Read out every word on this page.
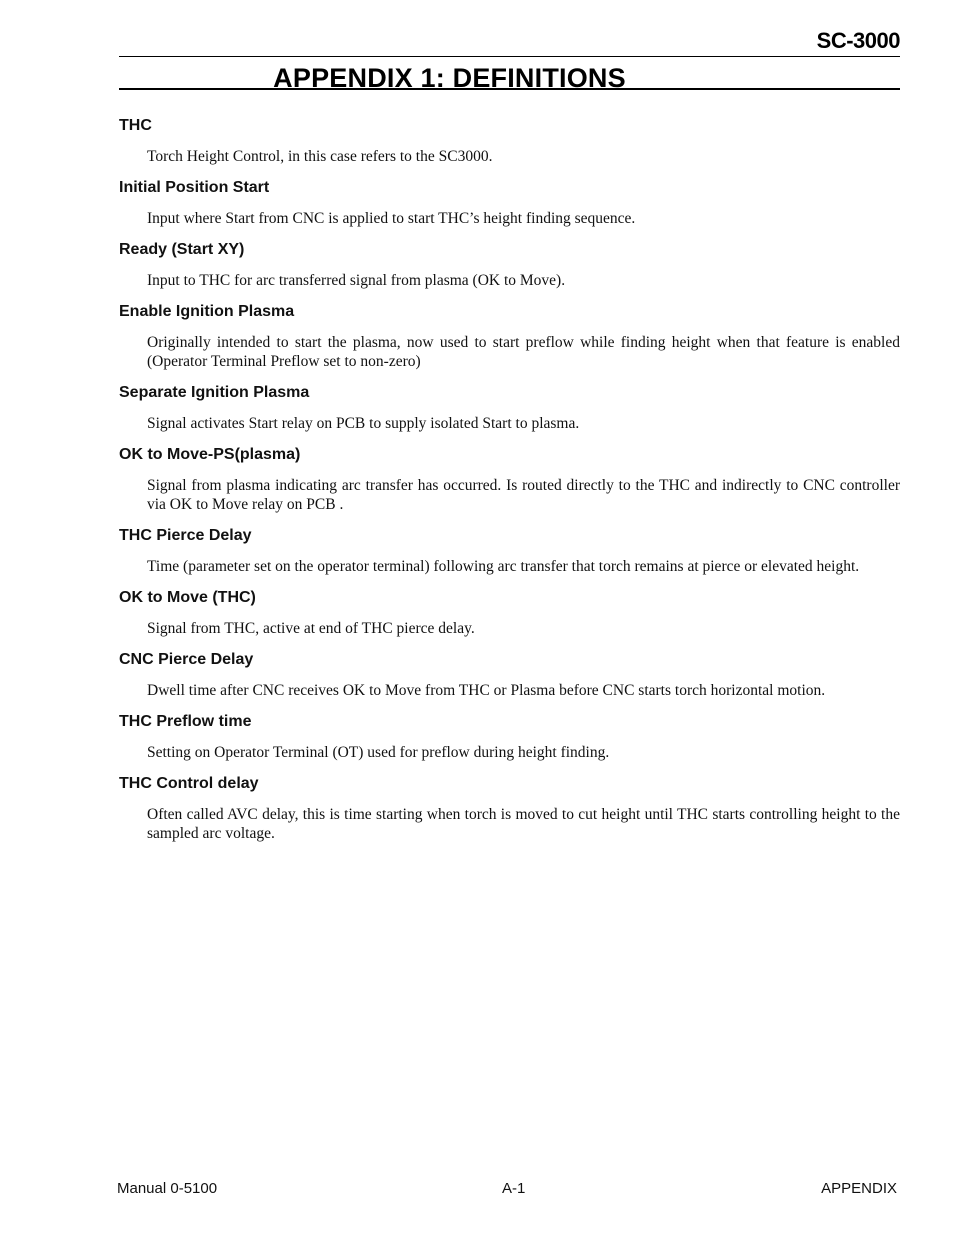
SC-3000
APPENDIX 1: DEFINITIONS

THC

Torch Height Control, in this case refers to the SC3000.

Initial Position Start

Input where Start from CNC is applied to start THC’s height finding sequence.

Ready (Start XY)

Input to THC for arc transferred signal from plasma (OK to Move).

Enable Ignition Plasma

Originally intended to start the plasma, now used to start preflow while finding height when that feature is enabled (Operator Terminal Preflow set to non-zero)

Separate Ignition Plasma

Signal activates Start relay on PCB to supply isolated Start to plasma.

OK to Move-PS(plasma)

Signal from plasma indicating arc transfer has occurred. Is routed directly to the THC and indirectly to CNC controller via OK to Move relay on PCB .

THC Pierce Delay

Time (parameter set on the operator terminal) following arc transfer that torch remains at pierce or elevated height.

OK to Move (THC)

Signal from THC, active at end of THC pierce delay.

CNC Pierce Delay

Dwell time after CNC receives OK to Move from THC or Plasma before CNC starts torch horizontal motion.

THC Preflow time

Setting on Operator Terminal (OT) used for preflow during height finding.

THC Control delay

Often called AVC delay, this is time starting when torch is moved to cut height until THC starts controlling height to the sampled arc voltage.

Manual 0-5100	A-1	APPENDIX
